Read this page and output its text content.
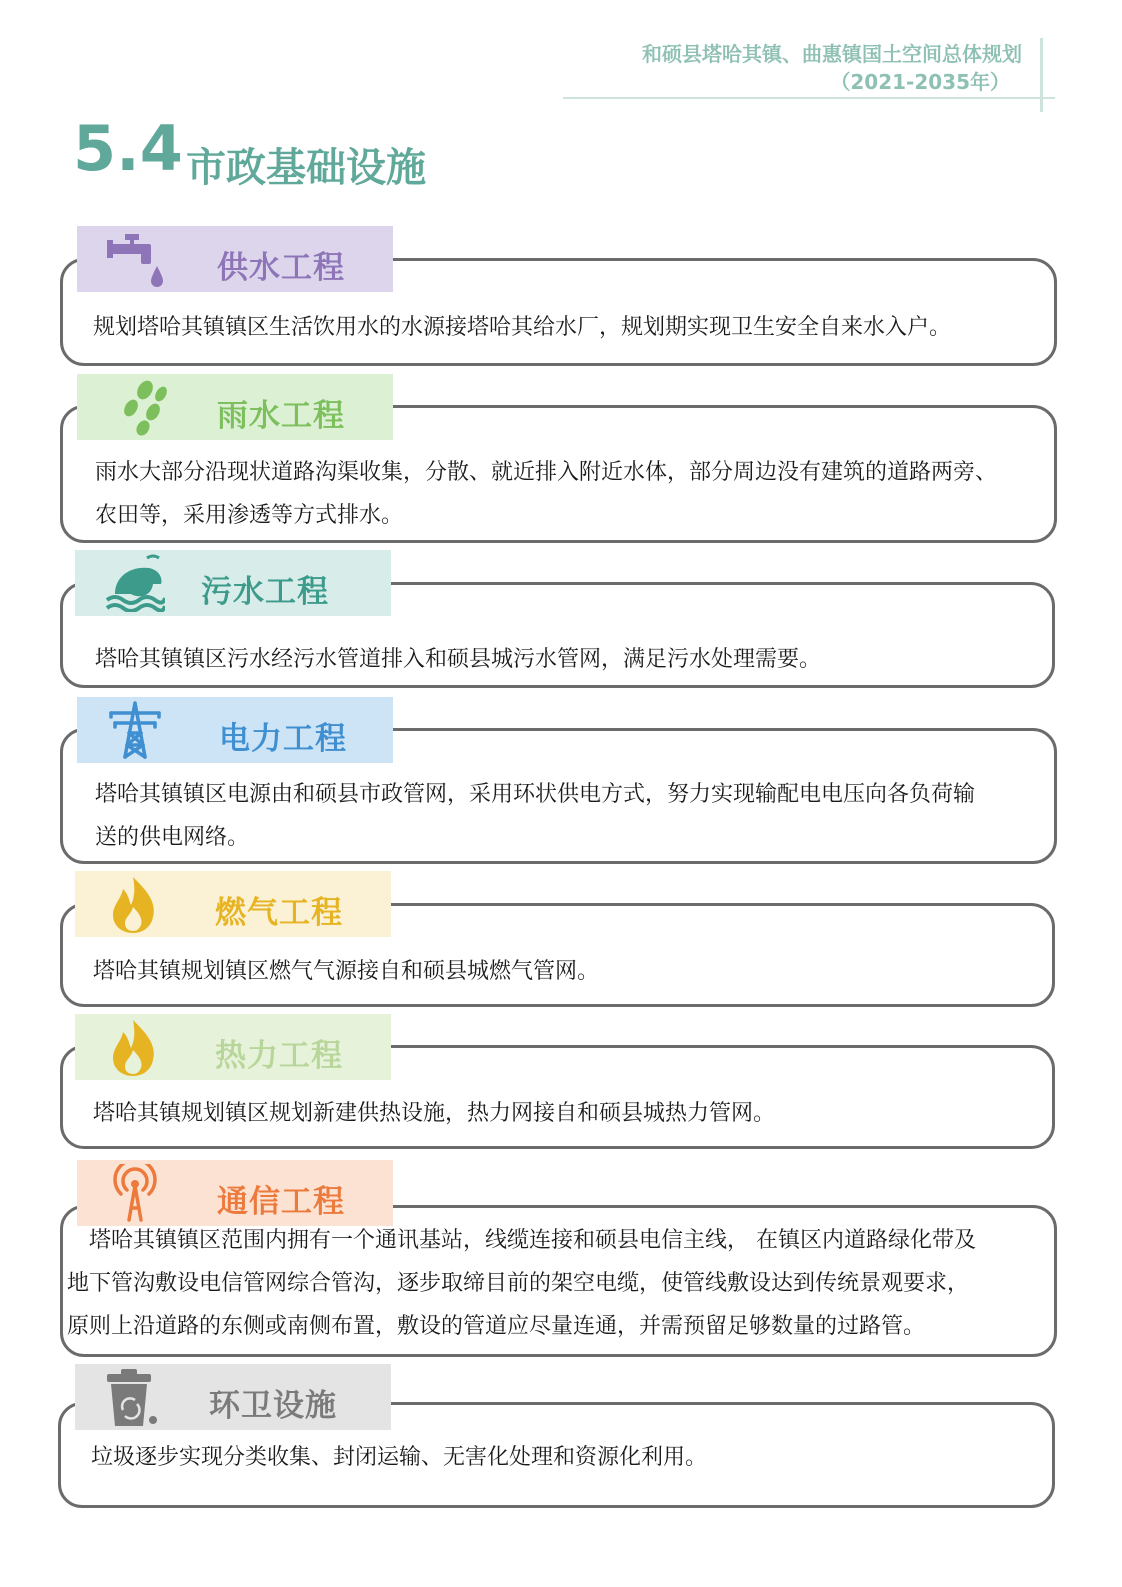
和硕县塔哈其镇、曲惠镇国土空间总体规划
（2021-2035年）
5.4 市政基础设施
供水工程
规划塔哈其镇镇区生活饮用水的水源接塔哈其给水厂，规划期实现卫生安全自来水入户。
雨水工程
雨水大部分沿现状道路沟渠收集，分散、就近排入附近水体，部分周边没有建筑的道路两旁、
农田等，采用渗透等方式排水。
污水工程
塔哈其镇镇区污水经污水管道排入和硕县城污水管网，满足污水处理需要。
电力工程
塔哈其镇镇区电源由和硕县市政管网，采用环状供电方式，努力实现输配电电压向各负荷输
送的供电网络。
燃气工程
塔哈其镇规划镇区燃气气源接自和硕县城燃气管网。
热力工程
塔哈其镇规划镇区规划新建供热设施，热力网接自和硕县城热力管网。
通信工程
塔哈其镇镇区范围内拥有一个通讯基站，线缆连接和硕县电信主线， 在镇区内道路绿化带及
地下管沟敷设电信管网综合管沟，逐步取缔目前的架空电缆，使管线敷设达到传统景观要求，
原则上沿道路的东侧或南侧布置，敷设的管道应尽量连通，并需预留足够数量的过路管。
环卫设施
垃圾逐步实现分类收集、封闭运输、无害化处理和资源化利用。
